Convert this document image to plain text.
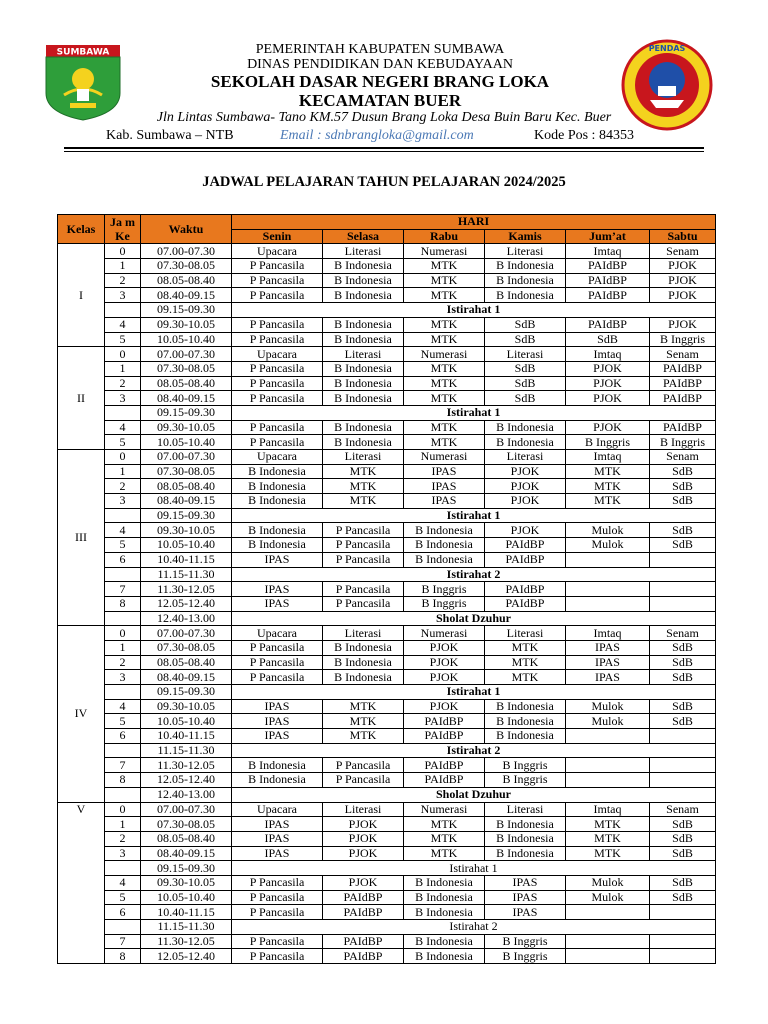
SUMBAWA	PEMERINTAH KABUPATEN SUMBAWA
DINAS PENDIDIKAN DAN KEBUDAYAAN
SEKOLAH DASAR NEGERI BRANG LOKA
KECAMATAN BUER
PENDAS
Jln Lintas Sumbawa- Tano KM.57 Dusun Brang Loka Desa Buin Baru Kec. Buer
Kab. Sumbawa – NTB	Email : sdnbrangloka@gmail.com	Kode Pos : 84353
JADWAL PELAJARAN TAHUN PELAJARAN 2024/2025
Kelas	Ja m Ke	Waktu	HARI					
			Senin	Selasa	Rabu	Kamis	Jum’at	Sabtu

I	0	07.00-07.30	Upacara	Literasi	Numerasi	Literasi	Imtaq	Senam
	1	07.30-08.05	P Pancasila	B Indonesia	MTK	B Indonesia	PAIdBP	PJOK
	2	08.05-08.40	P Pancasila	B Indonesia	MTK	B Indonesia	PAIdBP	PJOK
	3	08.40-09.15	P Pancasila	B Indonesia	MTK	B Indonesia	PAIdBP	PJOK
		09.15-09.30	Istirahat 1					
	4	09.30-10.05	P Pancasila	B Indonesia	MTK	SdB	PAIdBP	PJOK
	5	10.05-10.40	P Pancasila	B Indonesia	MTK	SdB	SdB	B Inggris
II	0	07.00-07.30	Upacara	Literasi	Numerasi	Literasi	Imtaq	Senam
	1	07.30-08.05	P Pancasila	B Indonesia	MTK	SdB	PJOK	PAIdBP
	2	08.05-08.40	P Pancasila	B Indonesia	MTK	SdB	PJOK	PAIdBP
	3	08.40-09.15	P Pancasila	B Indonesia	MTK	SdB	PJOK	PAIdBP
		09.15-09.30	Istirahat 1					
	4	09.30-10.05	P Pancasila	B Indonesia	MTK	B Indonesia	PJOK	PAIdBP
	5	10.05-10.40	P Pancasila	B Indonesia	MTK	B Indonesia	B Inggris	B Inggris
III	0	07.00-07.30	Upacara	Literasi	Numerasi	Literasi	Imtaq	Senam
	1	07.30-08.05	B Indonesia	MTK	IPAS	PJOK	MTK	SdB
	2	08.05-08.40	B Indonesia	MTK	IPAS	PJOK	MTK	SdB
	3	08.40-09.15	B Indonesia	MTK	IPAS	PJOK	MTK	SdB
		09.15-09.30	Istirahat 1					
	4	09.30-10.05	B Indonesia	P Pancasila	B Indonesia	PJOK	Mulok	SdB
	5	10.05-10.40	B Indonesia	P Pancasila	B Indonesia	PAIdBP	Mulok	SdB
	6	10.40-11.15	IPAS	P Pancasila	B Indonesia	PAIdBP		
		11.15-11.30	Istirahat 2					
	7	11.30-12.05	IPAS	P Pancasila	B Inggris	PAIdBP		
	8	12.05-12.40	IPAS	P Pancasila	B Inggris	PAIdBP		
		12.40-13.00	Sholat Dzuhur					
IV	0	07.00-07.30	Upacara	Literasi	Numerasi	Literasi	Imtaq	Senam
	1	07.30-08.05	P Pancasila	B Indonesia	PJOK	MTK	IPAS	SdB
	2	08.05-08.40	P Pancasila	B Indonesia	PJOK	MTK	IPAS	SdB
	3	08.40-09.15	P Pancasila	B Indonesia	PJOK	MTK	IPAS	SdB
		09.15-09.30	Istirahat 1					
	4	09.30-10.05	IPAS	MTK	PJOK	B Indonesia	Mulok	SdB
	5	10.05-10.40	IPAS	MTK	PAIdBP	B Indonesia	Mulok	SdB
	6	10.40-11.15	IPAS	MTK	PAIdBP	B Indonesia		
		11.15-11.30	Istirahat 2					
	7	11.30-12.05	B Indonesia	P Pancasila	PAIdBP	B Inggris		
	8	12.05-12.40	B Indonesia	P Pancasila	PAIdBP	B Inggris		
		12.40-13.00	Sholat Dzuhur					
V	0	07.00-07.30	Upacara	Literasi	Numerasi	Literasi	Imtaq	Senam
	1	07.30-08.05	IPAS	PJOK	MTK	B Indonesia	MTK	SdB
	2	08.05-08.40	IPAS	PJOK	MTK	B Indonesia	MTK	SdB
	3	08.40-09.15	IPAS	PJOK	MTK	B Indonesia	MTK	SdB
		09.15-09.30	Istirahat 1					
	4	09.30-10.05	P Pancasila	PJOK	B Indonesia	IPAS	Mulok	SdB
	5	10.05-10.40	P Pancasila	PAIdBP	B Indonesia	IPAS	Mulok	SdB
	6	10.40-11.15	P Pancasila	PAIdBP	B Indonesia	IPAS		
		11.15-11.30	Istirahat 2					
	7	11.30-12.05	P Pancasila	PAIdBP	B Indonesia	B Inggris		
	8	12.05-12.40	P Pancasila	PAIdBP	B Indonesia	B Inggris		
